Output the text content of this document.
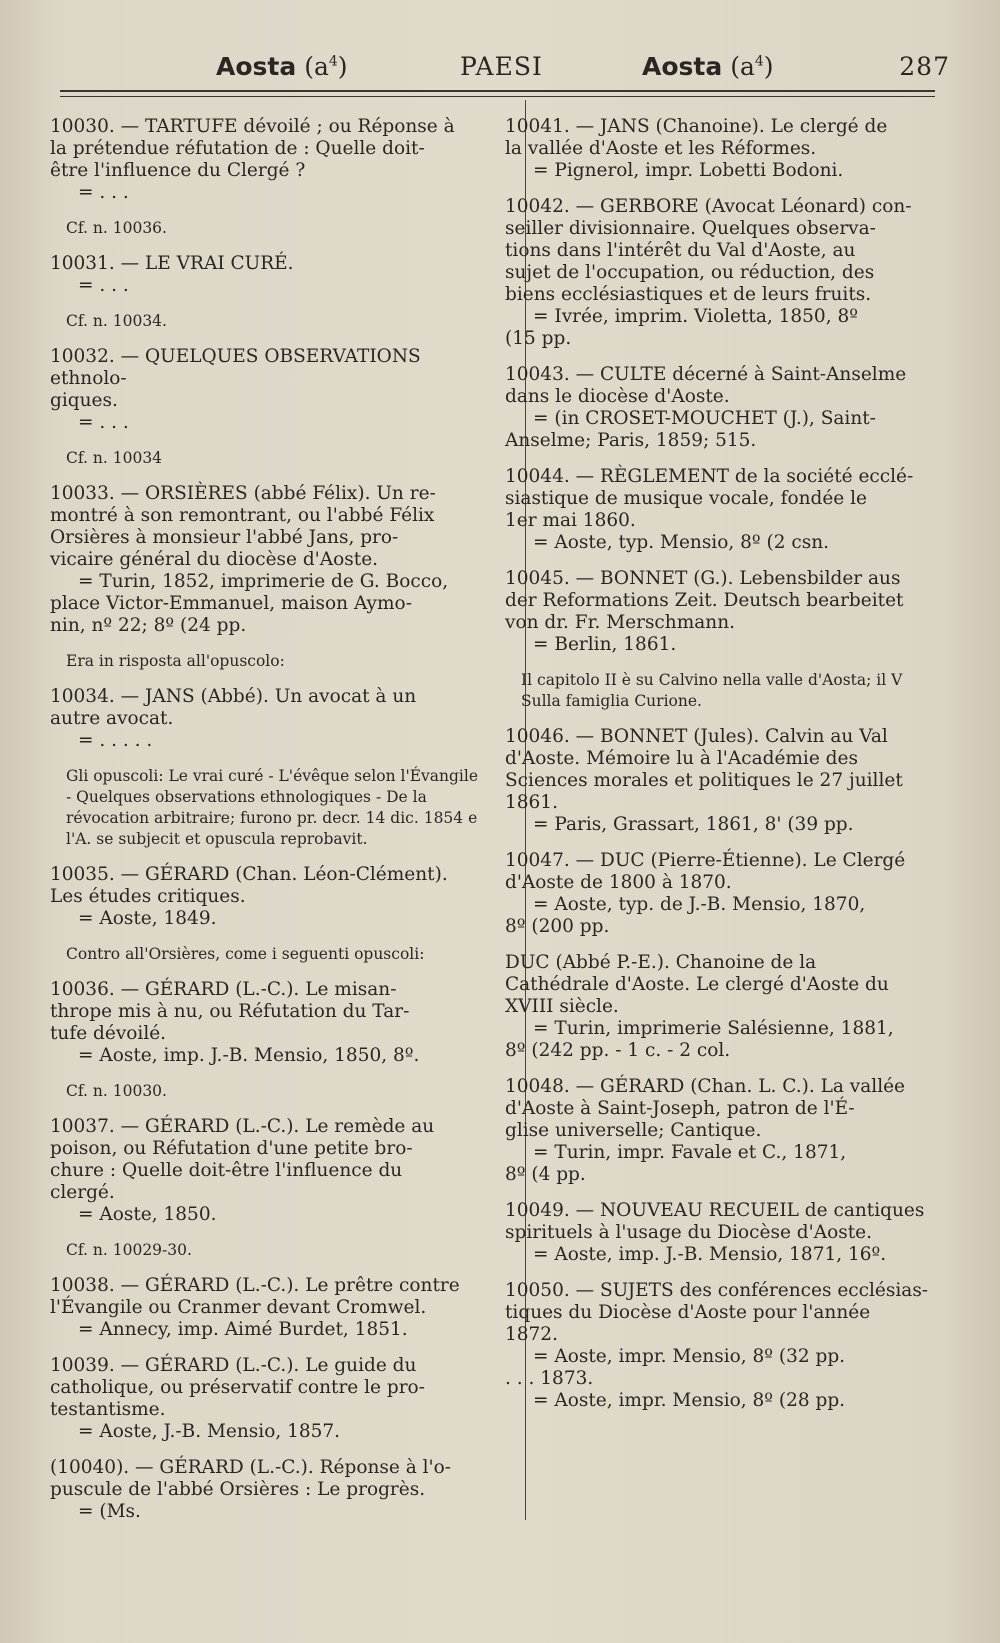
Aosta $(a^4)$	PAESI	Aosta $(a^4)$	287
10030. — TARTUFE dévoilé ; ou Réponse à
la prétendue réfutation de : Quelle doit-
être l'influence du Clergé ?
= . . .
Cf. n. 10036.
10031. — LE VRAI CURÉ.
= . . .
Cf. n. 10034.
10032. — QUELQUES OBSERVATIONS ethnolo-
giques.
= . . .
Cf. n. 10034
10033. — ORSIÈRES (abbé Félix). Un re-
montré à son remontrant, ou l'abbé Félix
Orsières à monsieur l'abbé Jans, pro-
vicaire général du diocèse d'Aoste.
= Turin, 1852, imprimerie de G. Bocco,
place Victor-Emmanuel, maison Aymo-
nin, nº 22; 8º (24 pp.
Era in risposta all'opuscolo:
10034. — JANS (Abbé). Un avocat à un
autre avocat.
= . . . . .
Gli opuscoli: Le vrai curé - L'évêque selon l'Évangile - Quelques observations ethnologiques - De la révocation arbitraire; furono pr. decr. 14 dic. 1854 e l'A. se subjecit et opuscula reprobavit.
10035. — GÉRARD (Chan. Léon-Clément).
Les études critiques.
= Aoste, 1849.
Contro all'Orsières, come i seguenti opuscoli:
10036. — GÉRARD (L.-C.). Le misan-
thrope mis à nu, ou Réfutation du Tar-
tufe dévoilé.
= Aoste, imp. J.-B. Mensio, 1850, 8º.
Cf. n. 10030.
10037. — GÉRARD (L.-C.). Le remède au
poison, ou Réfutation d'une petite bro-
chure : Quelle doit-être l'influence du
clergé.
= Aoste, 1850.
Cf. n. 10029-30.
10038. — GÉRARD (L.-C.). Le prêtre contre
l'Évangile ou Cranmer devant Cromwel.
= Annecy, imp. Aimé Burdet, 1851.
10039. — GÉRARD (L.-C.). Le guide du
catholique, ou préservatif contre le pro-
testantisme.
= Aoste, J.-B. Mensio, 1857.
(10040). — GÉRARD (L.-C.). Réponse à l'o-
puscule de l'abbé Orsières : Le progrès.
= (Ms.
10041. — JANS (Chanoine). Le clergé de
la vallée d'Aoste et les Réformes.
= Pignerol, impr. Lobetti Bodoni.
10042. — GERBORE (Avocat Léonard) con-
seiller divisionnaire. Quelques observa-
tions dans l'intérêt du Val d'Aoste, au
sujet de l'occupation, ou réduction, des
biens ecclésiastiques et de leurs fruits.
= Ivrée, imprim. Violetta, 1850, 8º
(15 pp.
10043. — CULTE décerné à Saint-Anselme
dans le diocèse d'Aoste.
= (in CROSET-MOUCHET (J.), Saint-
Anselme; Paris, 1859; 515.
10044. — RÈGLEMENT de la société ecclé-
siastique de musique vocale, fondée le
1er mai 1860.
= Aoste, typ. Mensio, 8º (2 csn.
10045. — BONNET (G.). Lebensbilder aus
der Reformations Zeit. Deutsch bearbeitet
von dr. Fr. Merschmann.
= Berlin, 1861.
Il capitolo II è su Calvino nella valle d'Aosta; il V Sulla famiglia Curione.
10046. — BONNET (Jules). Calvin au Val
d'Aoste. Mémoire lu à l'Académie des
Sciences morales et politiques le 27 juillet
1861.
= Paris, Grassart, 1861, 8' (39 pp.
10047. — DUC (Pierre-Étienne). Le Clergé
d'Aoste de 1800 à 1870.
= Aoste, typ. de J.-B. Mensio, 1870,
8º (200 pp.
DUC (Abbé P.-E.). Chanoine de la
Cathédrale d'Aoste. Le clergé d'Aoste du
XVIII siècle.
= Turin, imprimerie Salésienne, 1881,
8º (242 pp. - 1 c. - 2 col.
10048. — GÉRARD (Chan. L. C.). La vallée
d'Aoste à Saint-Joseph, patron de l'É-
glise universelle; Cantique.
= Turin, impr. Favale et C., 1871,
8º (4 pp.
10049. — NOUVEAU RECUEIL de cantiques
spirituels à l'usage du Diocèse d'Aoste.
= Aoste, imp. J.-B. Mensio, 1871, 16º.
10050. — SUJETS des conférences ecclésias-
tiques du Diocèse d'Aoste pour l'année
1872.
= Aoste, impr. Mensio, 8º (32 pp.
. . . 1873.
= Aoste, impr. Mensio, 8º (28 pp.
